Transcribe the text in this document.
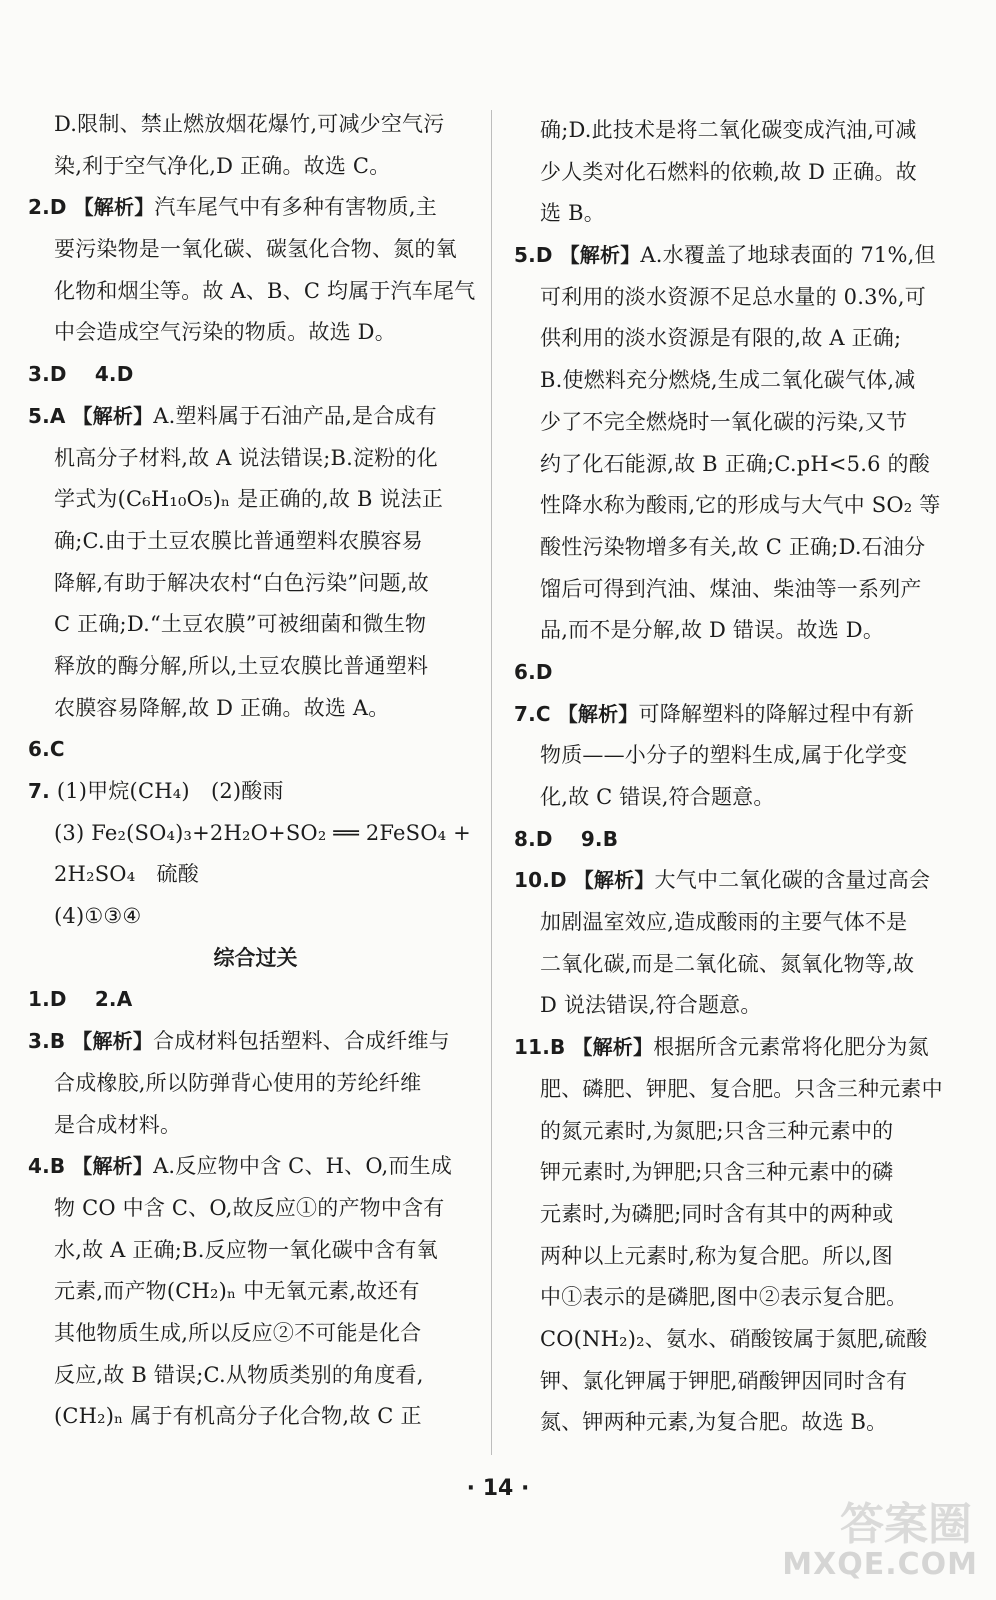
D.限制、禁止燃放烟花爆竹,可减少空气污
染,利于空气净化,D 正确。故选 C。
2.D 【解析】汽车尾气中有多种有害物质,主
要污染物是一氧化碳、碳氢化合物、氮的氧
化物和烟尘等。故 A、B、C 均属于汽车尾气
中会造成空气污染的物质。故选 D。
3.D 　 4.D
5.A 【解析】A.塑料属于石油产品,是合成有
机高分子材料,故 A 说法错误;B.淀粉的化
学式为(C₆H₁₀O₅)ₙ 是正确的,故 B 说法正
确;C.由于土豆农膜比普通塑料农膜容易
降解,有助于解决农村“白色污染”问题,故
C 正确;D.“土豆农膜”可被细菌和微生物
释放的酶分解,所以,土豆农膜比普通塑料
农膜容易降解,故 D 正确。故选 A。
6.C
7. (1)甲烷(CH₄)　(2)酸雨
(3) Fe₂(SO₄)₃+2H₂O+SO₂ ══ 2FeSO₄ +
2H₂SO₄　硫酸
(4)①③④
综合过关
1.D 　 2.A
3.B 【解析】合成材料包括塑料、合成纤维与
合成橡胶,所以防弹背心使用的芳纶纤维
是合成材料。
4.B 【解析】A.反应物中含 C、H、O,而生成
物 CO 中含 C、O,故反应①的产物中含有
水,故 A 正确;B.反应物一氧化碳中含有氧
元素,而产物(CH₂)ₙ 中无氧元素,故还有
其他物质生成,所以反应②不可能是化合
反应,故 B 错误;C.从物质类别的角度看,
(CH₂)ₙ 属于有机高分子化合物,故 C 正
确;D.此技术是将二氧化碳变成汽油,可减
少人类对化石燃料的依赖,故 D 正确。故
选 B。
5.D 【解析】A.水覆盖了地球表面的 71%,但
可利用的淡水资源不足总水量的 0.3%,可
供利用的淡水资源是有限的,故 A 正确;
B.使燃料充分燃烧,生成二氧化碳气体,减
少了不完全燃烧时一氧化碳的污染,又节
约了化石能源,故 B 正确;C.pH<5.6 的酸
性降水称为酸雨,它的形成与大气中 SO₂ 等
酸性污染物增多有关,故 C 正确;D.石油分
馏后可得到汽油、煤油、柴油等一系列产
品,而不是分解,故 D 错误。故选 D。
6.D
7.C 【解析】可降解塑料的降解过程中有新
物质——小分子的塑料生成,属于化学变
化,故 C 错误,符合题意。
8.D 　 9.B
10.D 【解析】大气中二氧化碳的含量过高会
加剧温室效应,造成酸雨的主要气体不是
二氧化碳,而是二氧化硫、氮氧化物等,故
D 说法错误,符合题意。
11.B 【解析】根据所含元素常将化肥分为氮
肥、磷肥、钾肥、复合肥。只含三种元素中
的氮元素时,为氮肥;只含三种元素中的
钾元素时,为钾肥;只含三种元素中的磷
元素时,为磷肥;同时含有其中的两种或
两种以上元素时,称为复合肥。所以,图
中①表示的是磷肥,图中②表示复合肥。
CO(NH₂)₂、氨水、硝酸铵属于氮肥,硫酸
钾、氯化钾属于钾肥,硝酸钾因同时含有
氮、钾两种元素,为复合肥。故选 B。
· 14 ·
答案圈
MXQE.COM
